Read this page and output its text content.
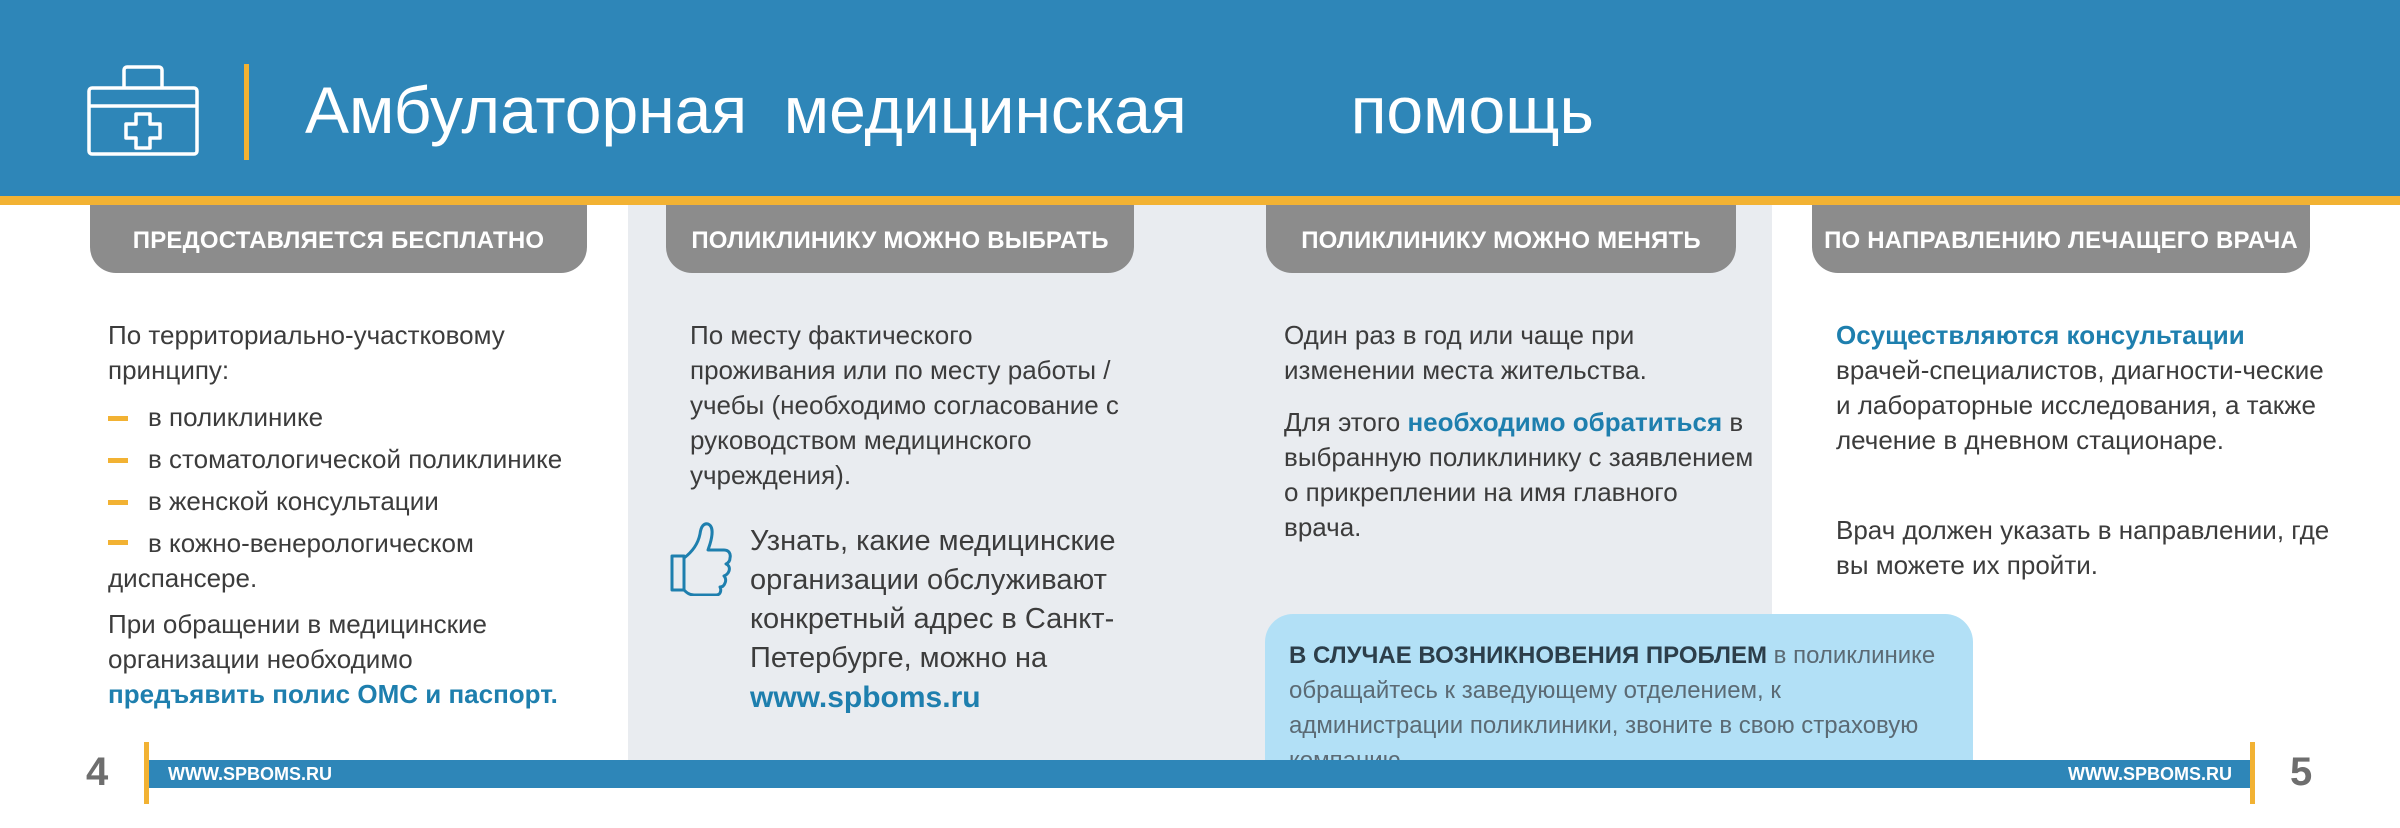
Амбулаторная  медицинская помощь
ПРЕДОСТАВЛЯЕТСЯ БЕСПЛАТНО	ПОЛИКЛИНИКУ МОЖНО ВЫБРАТЬ	ПОЛИКЛИНИКУ МОЖНО МЕНЯТЬ	ПО НАПРАВЛЕНИЮ ЛЕЧАЩЕГО ВРАЧА
По территориально-участковому принципу:
в поликлинике
в стоматологической поликлинике
в женской консультации
в кожно-венерологическом диспансере.
При обращении в медицинские организации необходимо
предъявить полис ОМС и паспорт.
По месту фактического проживания или по месту работы / учебы (необходимо согласование с руководством медицинского учреждения).
Узнать, какие медицинские организации обслуживают конкретный адрес в Санкт-Петербурге, можно на www.spboms.ru
Один раз в год или чаще при изменении места жительства.
Для этого необходимо обратиться в выбранную поликлинику с заявлением о прикреплении на имя главного врача.
Осуществляются консультации
врачей-специалистов, диагности-ческие и лабораторные исследования, а также лечение в дневном стационаре.
Врач должен указать в направлении, где вы можете их пройти.
В СЛУЧАЕ ВОЗНИКНОВЕНИЯ ПРОБЛЕМ в поликлинике обращайтесь к заведующему отделением, к администрации поликлиники, звоните в свою страховую
WWW.SPBOMS.RU	WWW.SPBOMS.RU
4	5
